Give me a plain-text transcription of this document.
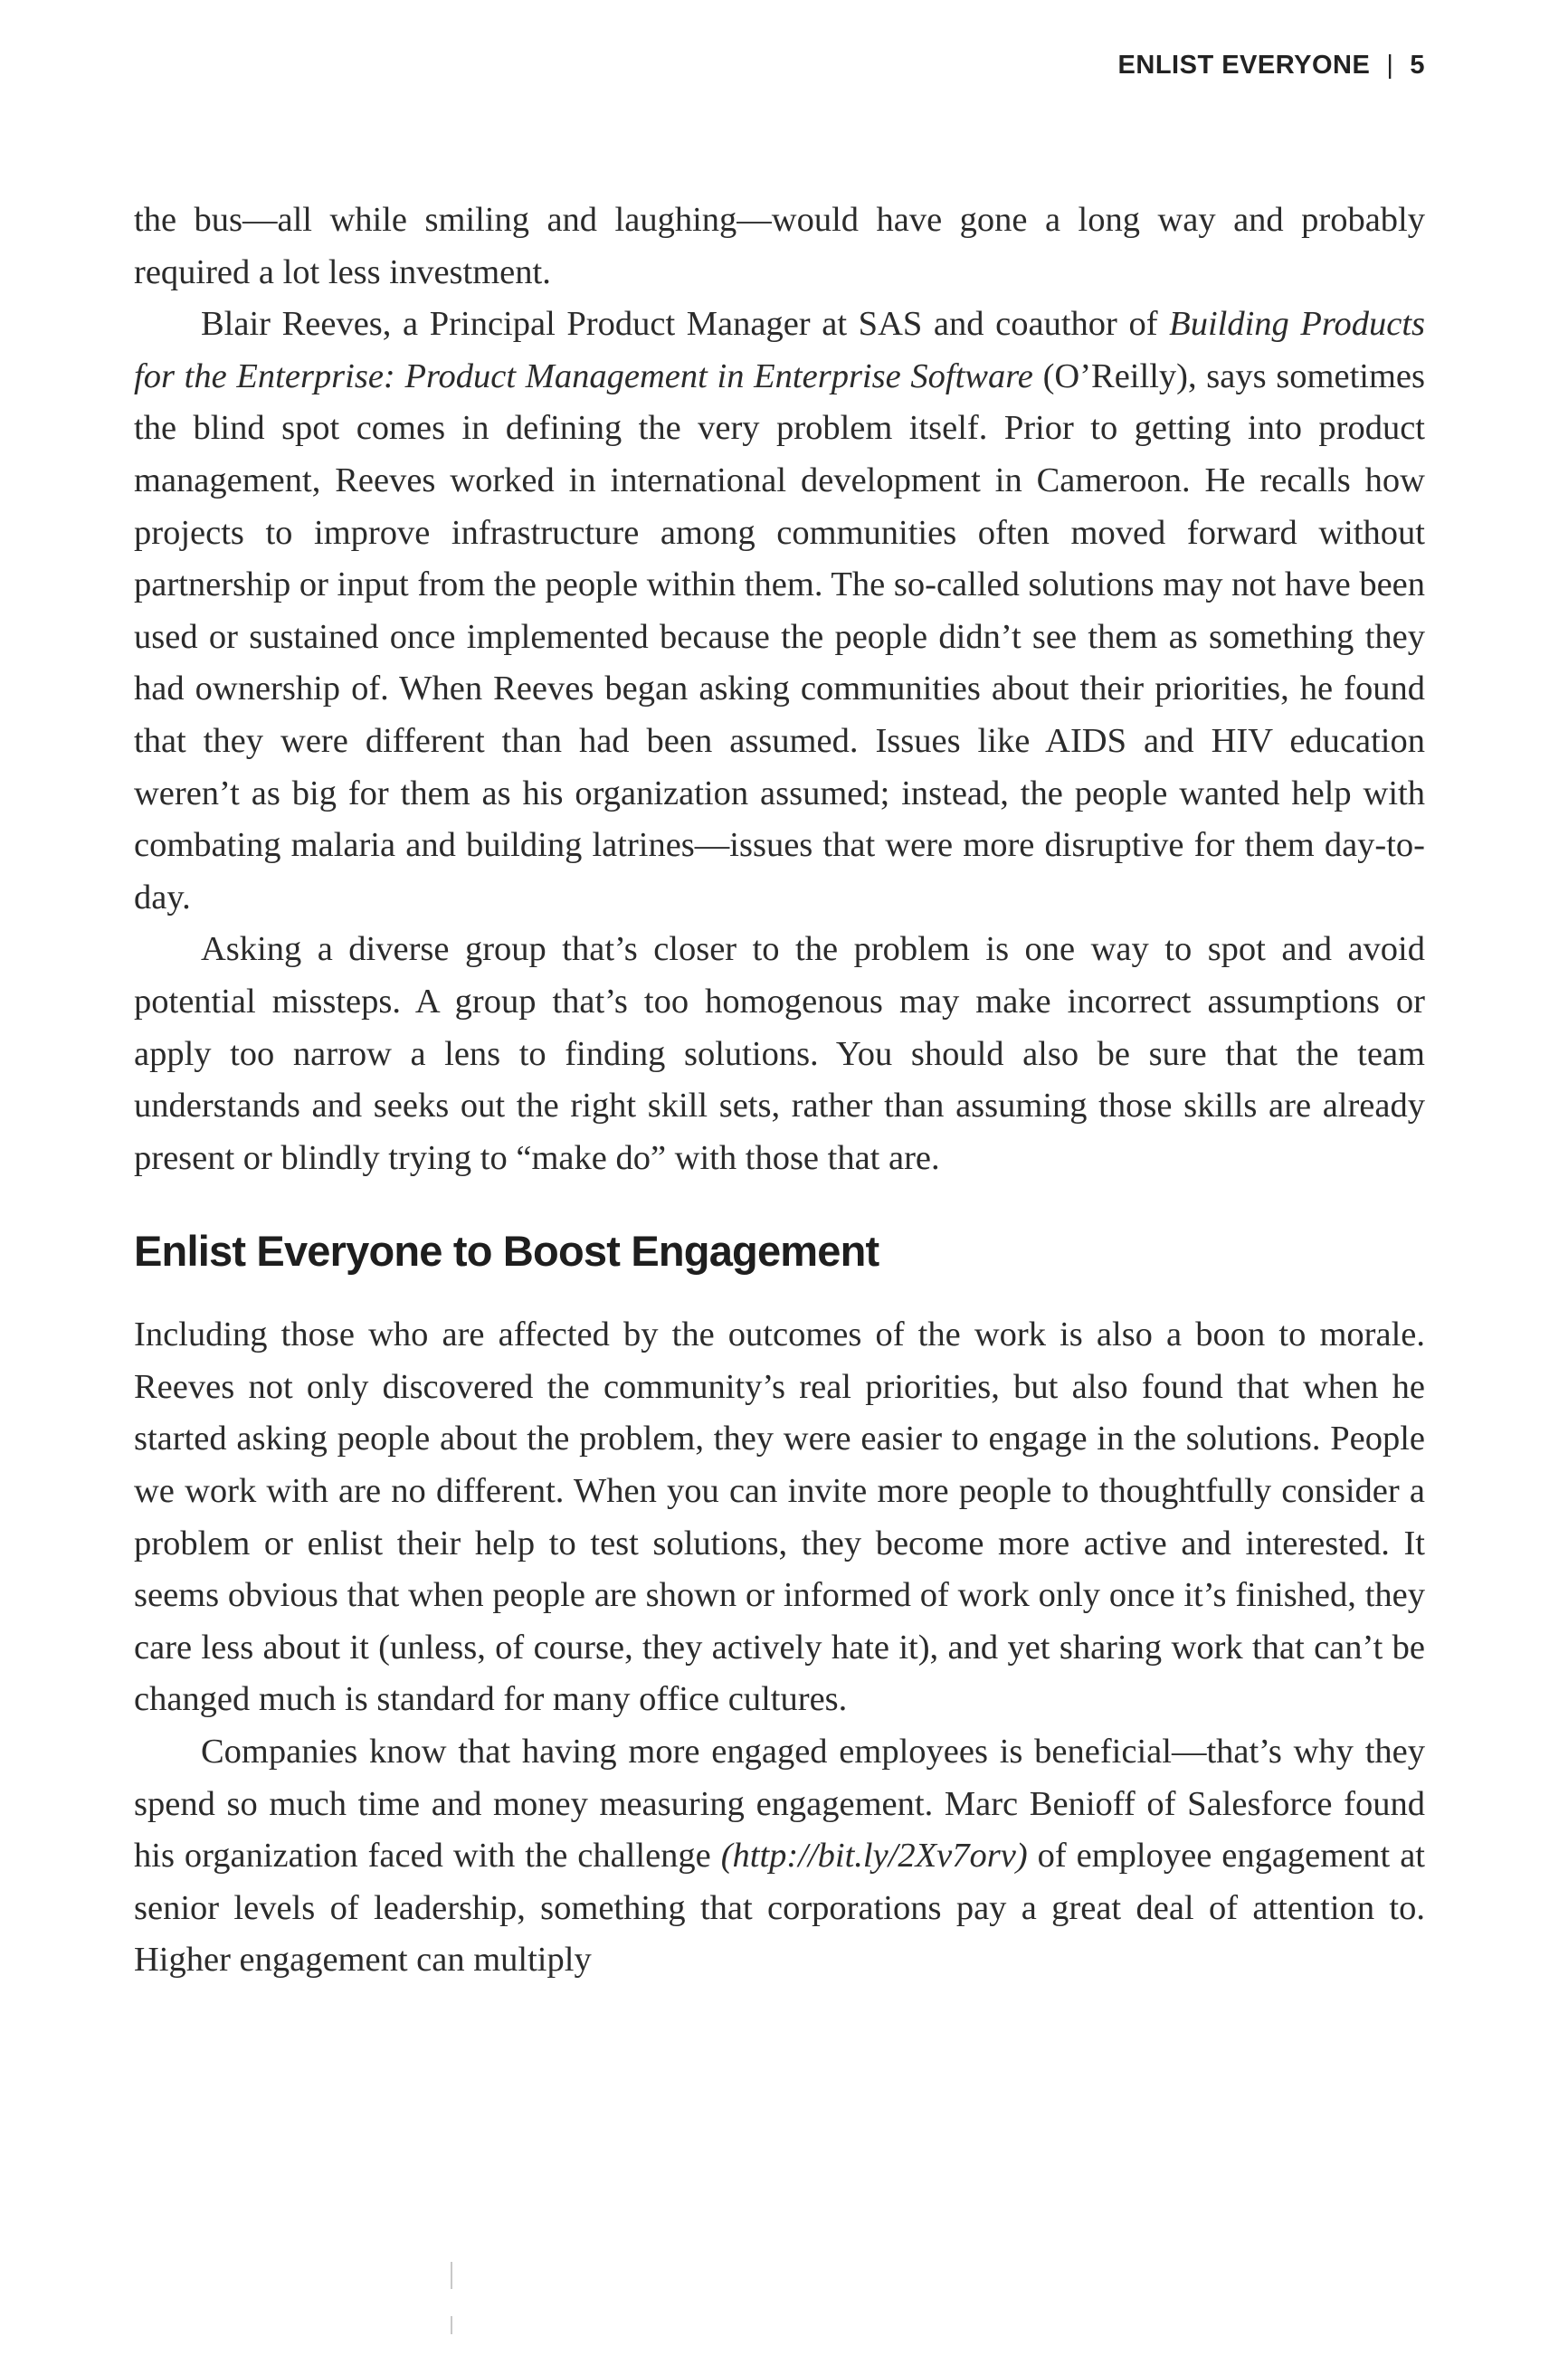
ENLIST EVERYONE | 5

the bus—all while smiling and laughing—would have gone a long way and probably required a lot less investment.

Blair Reeves, a Principal Product Manager at SAS and coauthor of Building Products for the Enterprise: Product Management in Enterprise Software (O’Reilly), says sometimes the blind spot comes in defining the very problem itself. Prior to getting into product management, Reeves worked in international development in Cameroon. He recalls how projects to improve infrastructure among communities often moved forward without partnership or input from the people within them. The so-called solutions may not have been used or sustained once implemented because the people didn’t see them as something they had ownership of. When Reeves began asking communities about their priorities, he found that they were different than had been assumed. Issues like AIDS and HIV education weren’t as big for them as his organization assumed; instead, the people wanted help with combating malaria and building latrines—issues that were more disruptive for them day-to-day.

Asking a diverse group that’s closer to the problem is one way to spot and avoid potential missteps. A group that’s too homogenous may make incorrect assumptions or apply too narrow a lens to finding solutions. You should also be sure that the team understands and seeks out the right skill sets, rather than assuming those skills are already present or blindly trying to “make do” with those that are.

Enlist Everyone to Boost Engagement

Including those who are affected by the outcomes of the work is also a boon to morale. Reeves not only discovered the community’s real priorities, but also found that when he started asking people about the problem, they were easier to engage in the solutions. People we work with are no different. When you can invite more people to thoughtfully consider a problem or enlist their help to test solutions, they become more active and interested. It seems obvious that when people are shown or informed of work only once it’s finished, they care less about it (unless, of course, they actively hate it), and yet sharing work that can’t be changed much is standard for many office cultures.

Companies know that having more engaged employees is beneficial—that’s why they spend so much time and money measuring engagement. Marc Benioff of Salesforce found his organization faced with the challenge (http://bit.ly/2Xv7orv) of employee engagement at senior levels of leadership, something that corporations pay a great deal of attention to. Higher engagement can multiply
